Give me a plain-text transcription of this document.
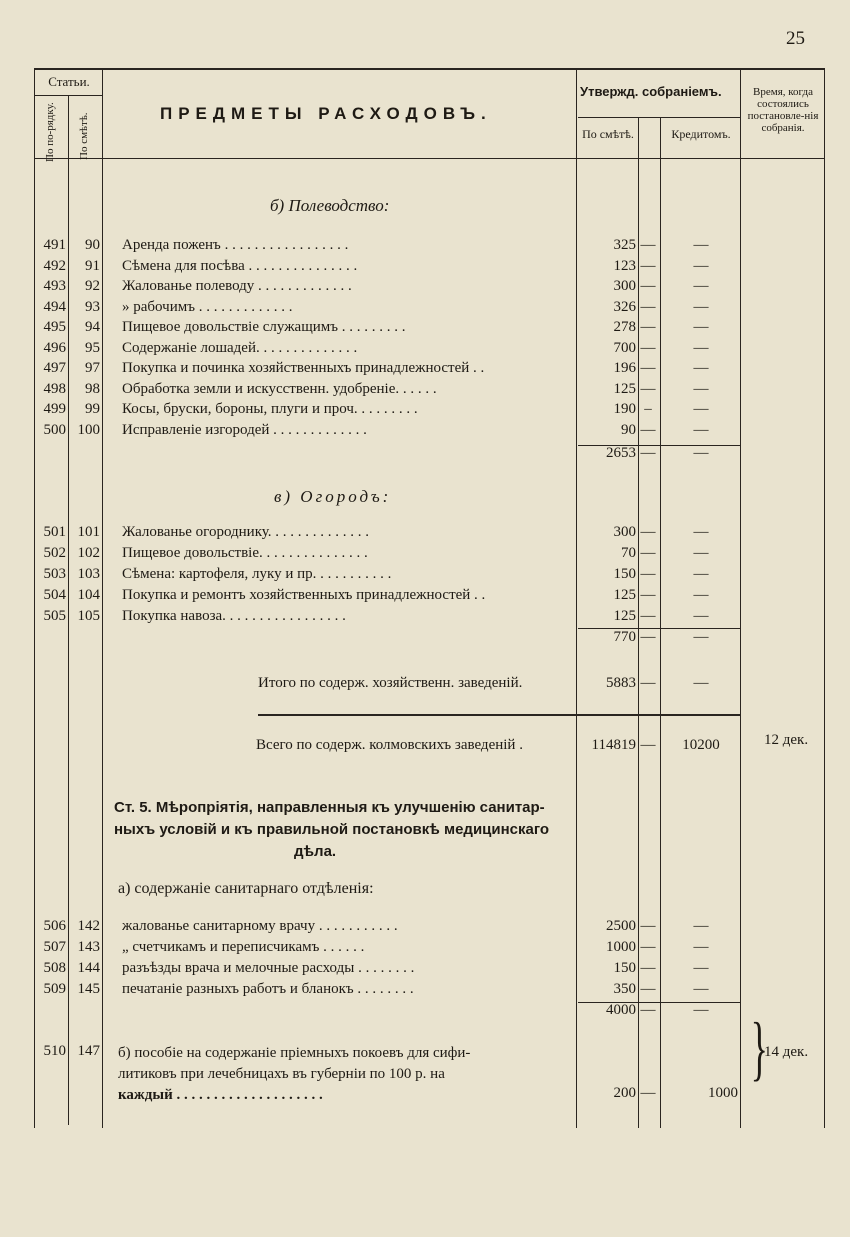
25
Статьи.
По по-рядку. По смѣтѣ.	ПРЕДМЕТЫ РАСХОДОВЪ.
Утвержд. собраніемъ.
По смѣтѣ.	Кредитомъ.
Время, когда состоялись постановле-нія собранія.
б) Полеводство:
491	90 Аренда поженъ . . . . . . . . . . . . . . . . .	325 —	—
492	91 Сѣмена для посѣва . . . . . . . . . . . . . . .	123 —	—
493	92 Жалованье полеводу . . . . . . . . . . . . .	300 —	—
494	93 » рабочимъ . . . . . . . . . . . . .	326 —	—
495	94 Пищевое довольствіе служащимъ . . . . . . . . .	278 —	—
496	95 Содержаніе лошадей. . . . . . . . . . . . . .	700 —	—
497	97 Покупка и починка хозяйственныхъ принадлежностей . .	196 —	—
498	98 Обработка земли и искусственн. удобреніе. . . . . .	125 —	—
499	99 Косы, бруски, бороны, плуги и проч. . . . . . . . .	190 –	—
500 100 Исправленіе изгородей . . . . . . . . . . . . .	90 —	—
2653 —	—
в) Огородъ:
501 101 Жалованье огороднику. . . . . . . . . . . . . .	300 —	—
502 102 Пищевое довольствіе. . . . . . . . . . . . . . .	70 —	—
503 103 Сѣмена: картофеля, луку и пр. . . . . . . . . . .	150 —	—
504 104 Покупка и ремонтъ хозяйственныхъ принадлежностей . .	125 —	—
505 105 Покупка навоза. . . . . . . . . . . . . . . . .	125 —	—
770 —	—
Итого по содерж. хозяйственн. заведеній.	5883 —	—
Всего по содерж. колмовскихъ заведеній .	114819 —	10200	12 дек.
Ст. 5. Мѣропріятія, направленныя къ улучшенію санитар-
ныхъ условій и къ правильной постановкѣ медицинскаго
дѣла.
а) содержаніе санитарнаго отдѣленія:
506 142 жалованье санитарному врачу . . . . . . . . . . .	2500 —	—
507 143 „ счетчикамъ и переписчикамъ . . . . . .	1000 —	—
508 144 разъѣзды врача и мелочные расходы . . . . . . . .	150 —	—
509 145 печатаніе разныхъ работъ и бланокъ . . . . . . . .	350 —	—
4000 —	—
510 147 б) пособіе на содержаніе пріемныхъ покоевъ для сифи-
литиковъ при лечебницахъ въ губерніи по 100 р. на
каждый . . . . . . . . . . . . . . . . . . . .	200 —	1000
}
14 дек.
